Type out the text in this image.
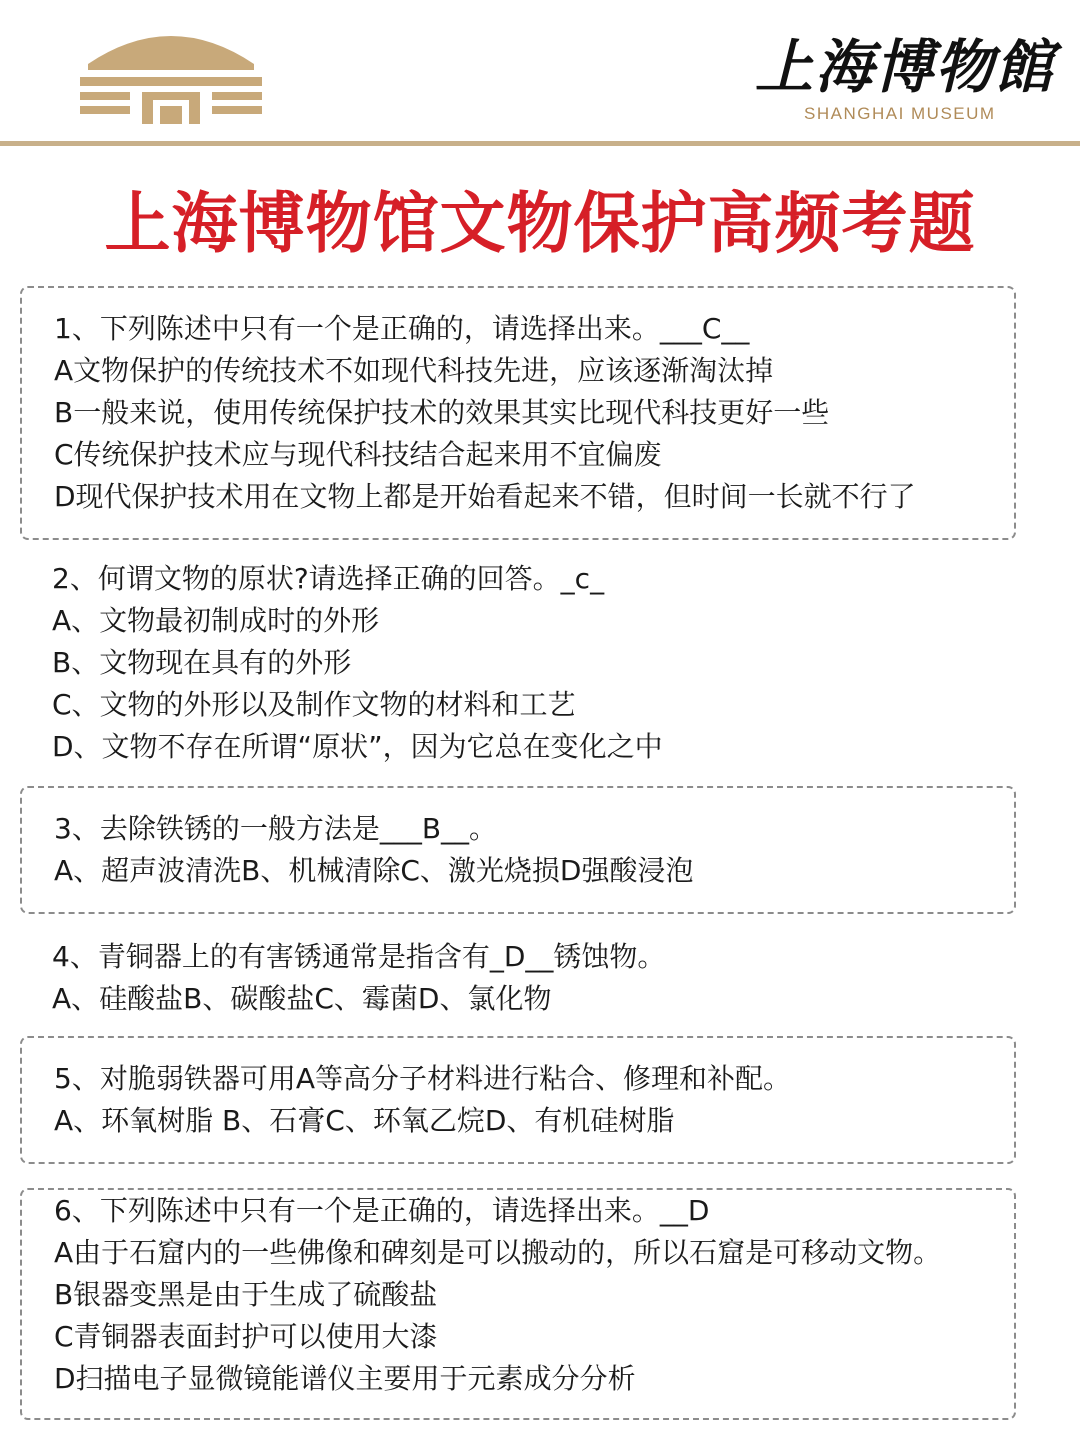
上海博物館
SHANGHAI MUSEUM
上海博物馆文物保护高频考题
1、下列陈述中只有一个是正确的，请选择出来。___C__
A文物保护的传统技术不如现代科技先进，应该逐渐淘汰掉
B一般来说，使用传统保护技术的效果其实比现代科技更好一些
C传统保护技术应与现代科技结合起来用不宜偏废
D现代保护技术用在文物上都是开始看起来不错，但时间一长就不行了
2、何谓文物的原状?请选择正确的回答。_c_
A、文物最初制成时的外形
B、文物现在具有的外形
C、文物的外形以及制作文物的材料和工艺
D、文物不存在所谓“原状”，因为它总在变化之中
3、去除铁锈的一般方法是___B__。
A、超声波清洗B、机械清除C、激光烧损D强酸浸泡
4、青铜器上的有害锈通常是指含有_D__锈蚀物。
A、硅酸盐B、碳酸盐C、霉菌D、氯化物
5、对脆弱铁器可用A等高分子材料进行粘合、修理和补配。
A、环氧树脂 B、石膏C、环氧乙烷D、有机硅树脂
6、下列陈述中只有一个是正确的，请选择出来。__D
A由于石窟内的一些佛像和碑刻是可以搬动的，所以石窟是可移动文物。
B银器变黑是由于生成了硫酸盐
C青铜器表面封护可以使用大漆
D扫描电子显微镜能谱仪主要用于元素成分分析
